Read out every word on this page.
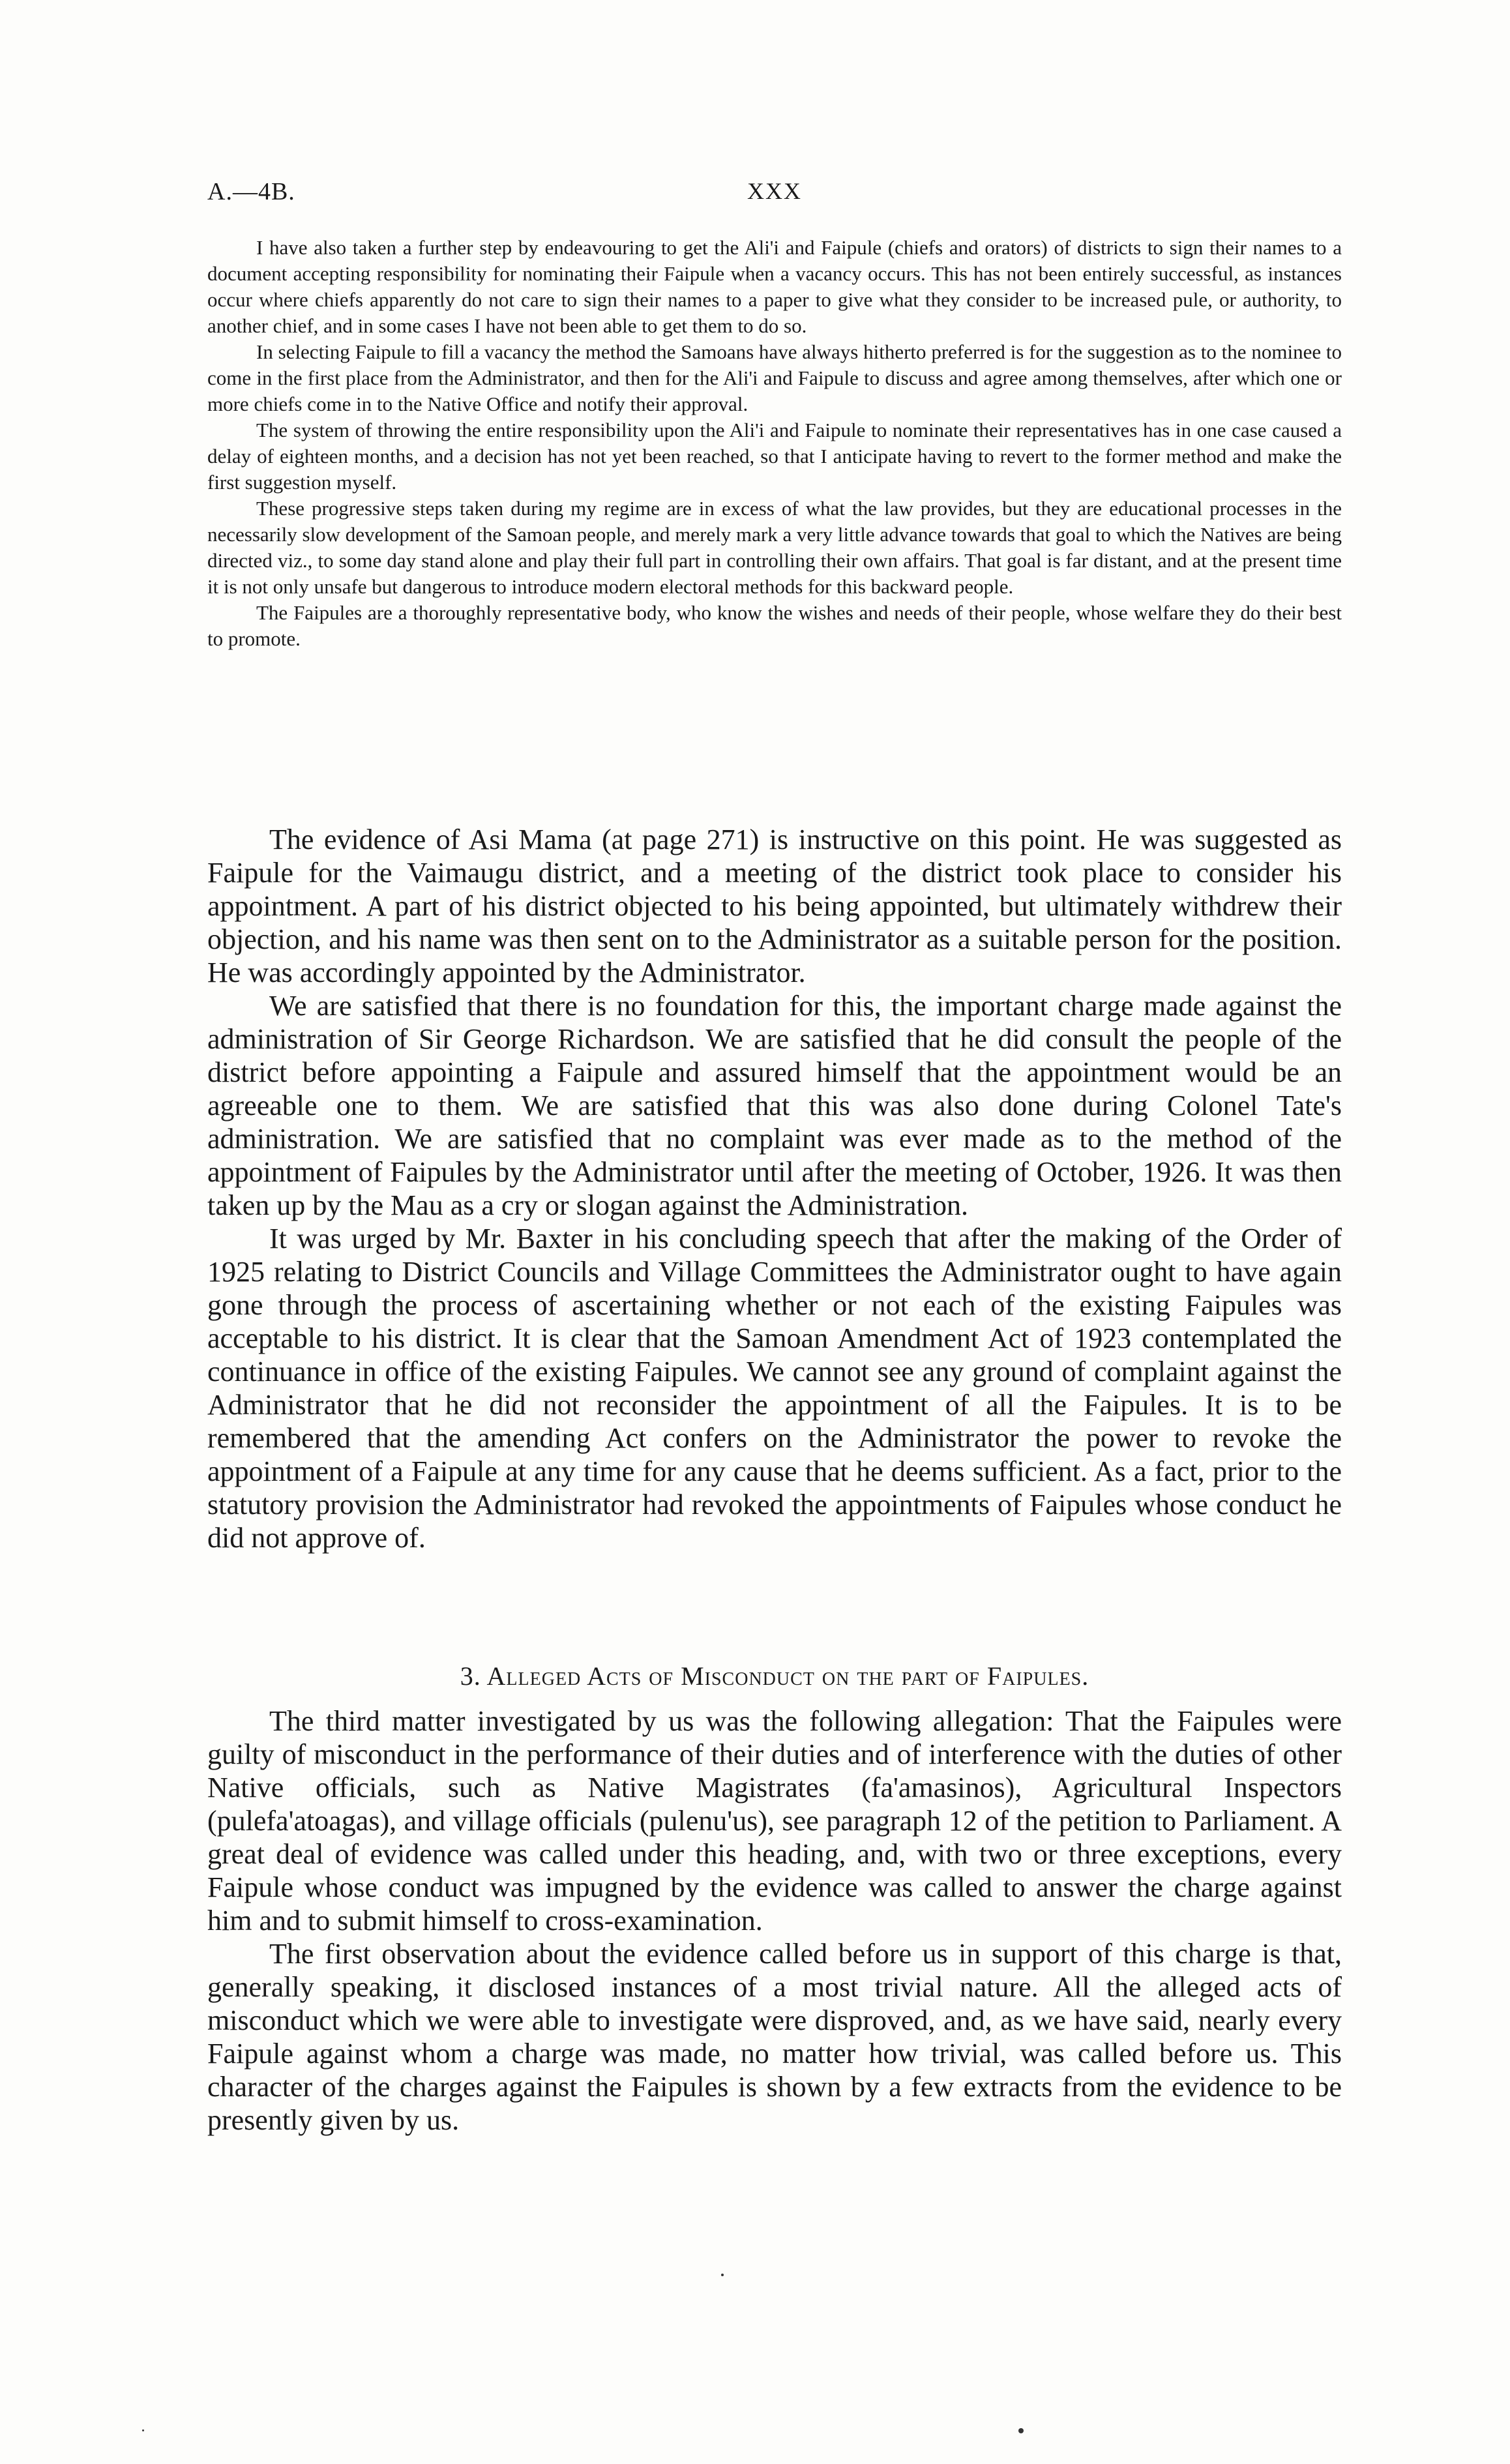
A.—4B.	XXX

I have also taken a further step by endeavouring to get the Ali'i and Faipule (chiefs and orators) of districts to sign their names to a document accepting responsibility for nominating their Faipule when a vacancy occurs. This has not been entirely successful, as instances occur where chiefs apparently do not care to sign their names to a paper to give what they consider to be increased pule, or authority, to another chief, and in some cases I have not been able to get them to do so.

In selecting Faipule to fill a vacancy the method the Samoans have always hitherto preferred is for the suggestion as to the nominee to come in the first place from the Administrator, and then for the Ali'i and Faipule to discuss and agree among themselves, after which one or more chiefs come in to the Native Office and notify their approval.

The system of throwing the entire responsibility upon the Ali'i and Faipule to nominate their representatives has in one case caused a delay of eighteen months, and a decision has not yet been reached, so that I anticipate having to revert to the former method and make the first suggestion myself.

These progressive steps taken during my regime are in excess of what the law provides, but they are educational processes in the necessarily slow development of the Samoan people, and merely mark a very little advance towards that goal to which the Natives are being directed viz., to some day stand alone and play their full part in controlling their own affairs. That goal is far distant, and at the present time it is not only unsafe but dangerous to introduce modern electoral methods for this backward people.

The Faipules are a thoroughly representative body, who know the wishes and needs of their people, whose welfare they do their best to promote.

The evidence of Asi Mama (at page 271) is instructive on this point. He was suggested as Faipule for the Vaimaugu district, and a meeting of the district took place to consider his appointment. A part of his district objected to his being appointed, but ultimately withdrew their objection, and his name was then sent on to the Administrator as a suitable person for the position. He was accordingly appointed by the Administrator.

We are satisfied that there is no foundation for this, the important charge made against the administration of Sir George Richardson. We are satisfied that he did consult the people of the district before appointing a Faipule and assured himself that the appointment would be an agreeable one to them. We are satisfied that this was also done during Colonel Tate's administration. We are satisfied that no complaint was ever made as to the method of the appointment of Faipules by the Administrator until after the meeting of October, 1926. It was then taken up by the Mau as a cry or slogan against the Administration.

It was urged by Mr. Baxter in his concluding speech that after the making of the Order of 1925 relating to District Councils and Village Committees the Administrator ought to have again gone through the process of ascertaining whether or not each of the existing Faipules was acceptable to his district. It is clear that the Samoan Amendment Act of 1923 contemplated the continuance in office of the existing Faipules. We cannot see any ground of complaint against the Administrator that he did not reconsider the appointment of all the Faipules. It is to be remembered that the amending Act confers on the Administrator the power to revoke the appointment of a Faipule at any time for any cause that he deems sufficient. As a fact, prior to the statutory provision the Administrator had revoked the appointments of Faipules whose conduct he did not approve of.

3. Alleged Acts of Misconduct on the part of Faipules.

The third matter investigated by us was the following allegation: That the Faipules were guilty of misconduct in the performance of their duties and of interference with the duties of other Native officials, such as Native Magistrates (fa'amasinos), Agricultural Inspectors (pulefa'atoagas), and village officials (pulenu'us), see paragraph 12 of the petition to Parliament. A great deal of evidence was called under this heading, and, with two or three exceptions, every Faipule whose conduct was impugned by the evidence was called to answer the charge against him and to submit himself to cross-examination.

The first observation about the evidence called before us in support of this charge is that, generally speaking, it disclosed instances of a most trivial nature. All the alleged acts of misconduct which we were able to investigate were disproved, and, as we have said, nearly every Faipule against whom a charge was made, no matter how trivial, was called before us. This character of the charges against the Faipules is shown by a few extracts from the evidence to be presently given by us.
